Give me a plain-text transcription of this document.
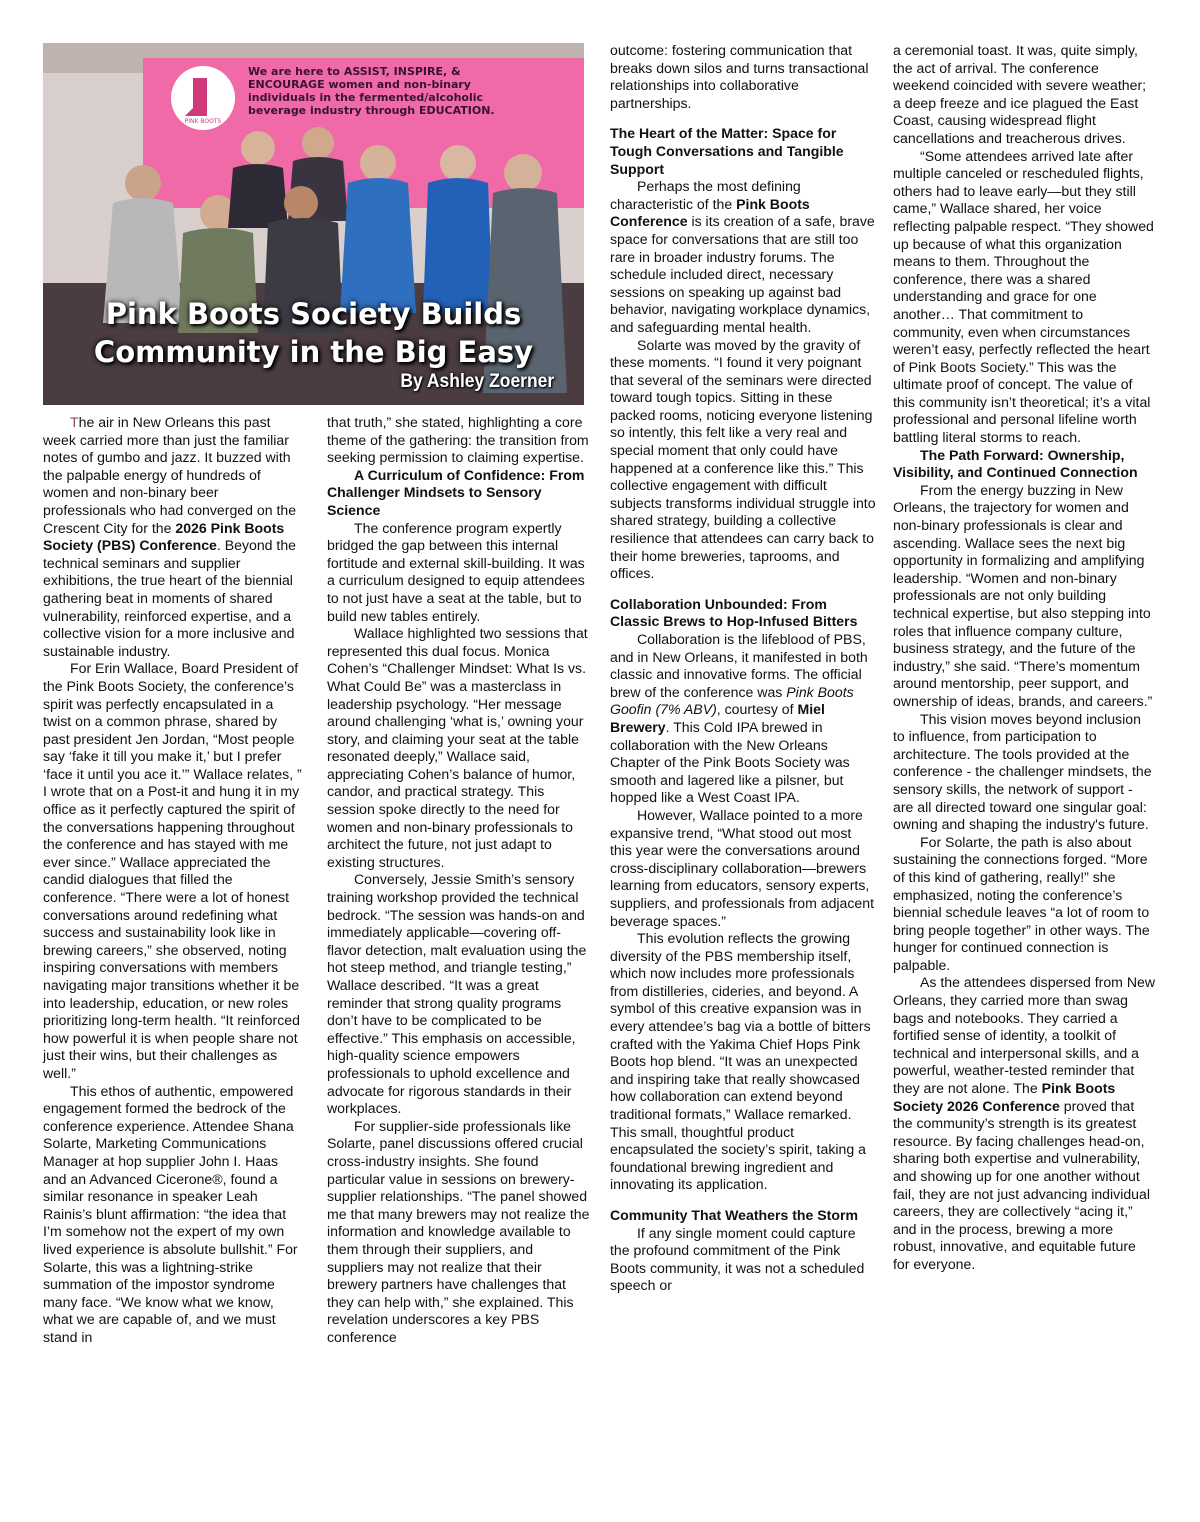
PINK BOOTS
We are here to ASSIST, INSPIRE, & ENCOURAGE women and non-binary individuals in the fermented/alcoholic beverage industry through EDUCATION.
Pink Boots Society Builds
Community in the Big Easy
By Ashley Zoerner

The air in New Orleans this past week carried more than just the familiar notes of gumbo and jazz. It buzzed with the palpable energy of hundreds of women and non-binary beer professionals who had converged on the Crescent City for the 2026 Pink Boots Society (PBS) Conference. Beyond the technical seminars and supplier exhibitions, the true heart of the biennial gathering beat in moments of shared vulnerability, reinforced expertise, and a collective vision for a more inclusive and sustainable industry.

For Erin Wallace, Board President of the Pink Boots Society, the conference’s spirit was perfectly encapsulated in a twist on a common phrase, shared by past president Jen Jordan, “Most people say ‘fake it till you make it,’ but I prefer ‘face it until you ace it.’” Wallace relates, ” I wrote that on a Post-it and hung it in my office as it perfectly captured the spirit of the conversations happening throughout the conference and has stayed with me ever since.” Wallace appreciated the candid dialogues that filled the conference. “There were a lot of honest conversations around redefining what success and sustainability look like in brewing careers,” she observed, noting inspiring conversations with members navigating major transitions whether it be into leadership, education, or new roles prioritizing long-term health. “It reinforced how powerful it is when people share not just their wins, but their challenges as well.”

This ethos of authentic, empowered engagement formed the bedrock of the conference experience. Attendee Shana Solarte, Marketing Communications Manager at hop supplier John I. Haas and an Advanced Cicerone®, found a similar resonance in speaker Leah Rainis’s blunt affirmation: “the idea that I’m somehow not the expert of my own lived experience is absolute bullshit.” For Solarte, this was a lightning-strike summation of the impostor syndrome many face. “We know what we know, what we are capable of, and we must stand in

that truth,” she stated, highlighting a core theme of the gathering: the transition from seeking permission to claiming expertise.

A Curriculum of Confidence: From Challenger Mindsets to Sensory Science

The conference program expertly bridged the gap between this internal fortitude and external skill-building. It was a curriculum designed to equip attendees to not just have a seat at the table, but to build new tables entirely.

Wallace highlighted two sessions that represented this dual focus. Monica Cohen’s “Challenger Mindset: What Is vs. What Could Be” was a masterclass in leadership psychology. “Her message around challenging ‘what is,’ owning your story, and claiming your seat at the table resonated deeply,” Wallace said, appreciating Cohen’s balance of humor, candor, and practical strategy. This session spoke directly to the need for women and non-binary professionals to architect the future, not just adapt to existing structures.

Conversely, Jessie Smith’s sensory training workshop provided the technical bedrock. “The session was hands-on and immediately applicable—covering off-flavor detection, malt evaluation using the hot steep method, and triangle testing,” Wallace described. “It was a great reminder that strong quality programs don’t have to be complicated to be effective.” This emphasis on accessible, high-quality science empowers professionals to uphold excellence and advocate for rigorous standards in their workplaces.

For supplier-side professionals like Solarte, panel discussions offered crucial cross-industry insights. She found particular value in sessions on brewery-supplier relationships. “The panel showed me that many brewers may not realize the information and knowledge available to them through their suppliers, and suppliers may not realize that their brewery partners have challenges that they can help with,” she explained. This revelation underscores a key PBS conference

outcome: fostering communication that breaks down silos and turns transactional relationships into collaborative partnerships.

The Heart of the Matter: Space for Tough Conversations and Tangible Support

Perhaps the most defining characteristic of the Pink Boots Conference is its creation of a safe, brave space for conversations that are still too rare in broader industry forums. The schedule included direct, necessary sessions on speaking up against bad behavior, navigating workplace dynamics, and safeguarding mental health.

Solarte was moved by the gravity of these moments. “I found it very poignant that several of the seminars were directed toward tough topics. Sitting in these packed rooms, noticing everyone listening so intently, this felt like a very real and special moment that only could have happened at a conference like this.” This collective engagement with difficult subjects transforms individual struggle into shared strategy, building a collective resilience that attendees can carry back to their home breweries, taprooms, and offices.

Collaboration Unbounded: From Classic Brews to Hop-Infused Bitters

Collaboration is the lifeblood of PBS, and in New Orleans, it manifested in both classic and innovative forms. The official brew of the conference was Pink Boots Goofin (7% ABV), courtesy of Miel Brewery. This Cold IPA brewed in collaboration with the New Orleans Chapter of the Pink Boots Society was smooth and lagered like a pilsner, but hopped like a West Coast IPA.

However, Wallace pointed to a more expansive trend, “What stood out most this year were the conversations around cross-disciplinary collaboration—brewers learning from educators, sensory experts, suppliers, and professionals from adjacent beverage spaces.”

This evolution reflects the growing diversity of the PBS membership itself, which now includes more professionals from distilleries, cideries, and beyond. A symbol of this creative expansion was in every attendee’s bag via a bottle of bitters crafted with the Yakima Chief Hops Pink Boots hop blend. “It was an unexpected and inspiring take that really showcased how collaboration can extend beyond traditional formats,” Wallace remarked. This small, thoughtful product encapsulated the society’s spirit, taking a foundational brewing ingredient and innovating its application.

Community That Weathers the Storm

If any single moment could capture the profound commitment of the Pink Boots community, it was not a scheduled speech or

a ceremonial toast. It was, quite simply, the act of arrival. The conference weekend coincided with severe weather; a deep freeze and ice plagued the East Coast, causing widespread flight cancellations and treacherous drives.

“Some attendees arrived late after multiple canceled or rescheduled flights, others had to leave early—but they still came,” Wallace shared, her voice reflecting palpable respect. “They showed up because of what this organization means to them. Throughout the conference, there was a shared understanding and grace for one another… That commitment to community, even when circumstances weren’t easy, perfectly reflected the heart of Pink Boots Society.” This was the ultimate proof of concept. The value of this community isn’t theoretical; it’s a vital professional and personal lifeline worth battling literal storms to reach.

The Path Forward: Ownership, Visibility, and Continued Connection

From the energy buzzing in New Orleans, the trajectory for women and non-binary professionals is clear and ascending. Wallace sees the next big opportunity in formalizing and amplifying leadership. “Women and non-binary professionals are not only building technical expertise, but also stepping into roles that influence company culture, business strategy, and the future of the industry,” she said. “There’s momentum around mentorship, peer support, and ownership of ideas, brands, and careers.”

This vision moves beyond inclusion to influence, from participation to architecture. The tools provided at the conference - the challenger mindsets, the sensory skills, the network of support - are all directed toward one singular goal: owning and shaping the industry's future.

For Solarte, the path is also about sustaining the connections forged. “More of this kind of gathering, really!” she emphasized, noting the conference’s biennial schedule leaves “a lot of room to bring people together” in other ways. The hunger for continued connection is palpable.

As the attendees dispersed from New Orleans, they carried more than swag bags and notebooks. They carried a fortified sense of identity, a toolkit of technical and interpersonal skills, and a powerful, weather-tested reminder that they are not alone. The Pink Boots Society 2026 Conference proved that the community’s strength is its greatest resource. By facing challenges head-on, sharing both expertise and vulnerability, and showing up for one another without fail, they are not just advancing individual careers, they are collectively “acing it,” and in the process, brewing a more robust, innovative, and equitable future for everyone.
